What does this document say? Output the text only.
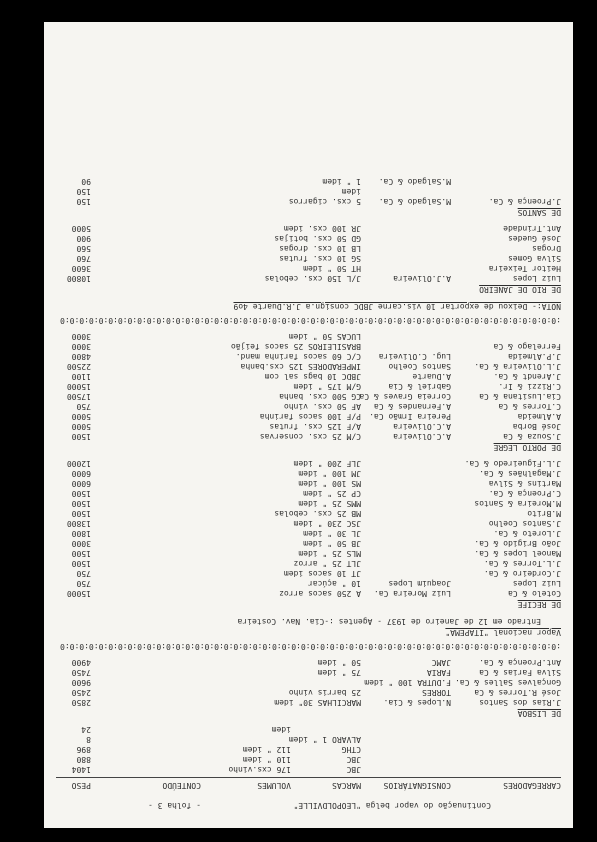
Continuação do vapor belga "LEOPOLDVILLE"
- folha 3 -
CARREGADORES
CONSIGNATÁRIOS
MARCAS
VOLUMES
CONTEÚDO
PESO
JBC
176 cxs.vinho
1404
JBC
110 " idem
880
CTHG
112 " idem
896
ALVARO 1 " idem
8
idem
24
DE LISBOA
J.Rias dos Santos
N.Lopes & Cia.
MARCILHAS 30" idem
2850
José R.Torres & Ca
TORRES
25 barris vinho
2450
Gonçalves Salles & Ca.
F.DUTRA 100 " idem
9600
Silva Farias & Ca
FARIA
75 " idem
7450
Ant.Proença & Ca.
JAMC
50 " idem
4900
:0:0:0:0:0:0:0:0:0:0:0:0:0:0:0:0:0:0:0:0:0:0:0:0:0:0:0:0:0:0:0:0:0:0:0:0:0:0:0:0:0:0:0:0:0:0:0:0:0:0:0:0
Vapor nacional "ITAPEMA"
Entrado em 12 de Janeiro de 1937 - Agentes :-Cia. Nav. Costeira
DE RECIFE
Cotelo & Ca
Luiz Moreira Ca.
A 250 sacos arroz
15000
Luiz Lopes
Joaquim Lopes
10 " açúcar
750
J.Cordeiro & Ca.
JT 10 sacos idem
750
J.L.Torres & Ca.
JLT 25 " arroz
1500
Manoel Lopes & Ca.
MLS 25 " idem
1500
João Brigido & Ca.
JB 50 " idem
3000
J.Loreto & Ca.
JL 30 " idem
1800
J.Santos Coelho
JSC 230 " idem
13800
M.Brito
MB 25 cxs. cebolas
1500
M.Moreira & Santos
MMS 25 " idem
1500
C.Proença & Ca.
CP 25 " idem
1500
Martins & Silva
MS 100 " idem
6000
J.Magalhães & Ca.
JM 100 " idem
6000
J.L.Figueiredo & Ca.
JLF 200 " idem
12000
DE PORTO LEGRE
J.Souza & Ca
A.C.Oliveira
C/M 25 cxs. conservas
1500
José Borba
A.C.Oliveira
A/F 125 cxs. frutas
5000
A.Almeida
Pereira Irmão Ca.
P/F 100 sacos farinha
5000
C.Torres & Ca
A.Fernandes & Ca
AF 50 cxs. vinho
750
Cia.Lusitana & Ca
Correia Graves & Ca
CG 500 cxs. banha
17500
C.Rizzi & Ir.
Gabriel & Cia
G/M 175 " idem
15000
J.Arendt & Ca.
A.Duarte
JBDC 10 bags sal com
1100
J.L.Oliveira & Ca.
Santos Coelho
IMPERADORES 125 cxs.banha
22500
J.P.Almeida
Lug. C.Oliveira
C/C 60 sacos farinha mand.
4800
Ferrelago & Ca
BRASILEIROS 25 sacos feijão
3000
LUCAS 50 " idem
3000
:0:0:0:0:0:0:0:0:0:0:0:0:0:0:0:0:0:0:0:0:0:0:0:0:0:0:0:0:0:0:0:0:0:0:0:0:0:0:0:0:0:0:0:0:0:0:0:0:0:0:0:0
NOTA:- Deixou de exportar 10 vis.carne JBDC consign.a J.R.Duarte 4o9
DE RIO DE JANEIRO
Luiz Lopes
A.J.Oliveira
J/L 150 cxs. cebolas
10800
Heitor Teixeira
HT 50 " idem
3600
Silva Gomes
SG 10 cxs. frutas
760
Drogas
LB 10 cxs. drogas
560
José Guedes
GD 50 cxs. botijas
900
Ant.Trindade
JR 100 cxs. idem
5000
DE SANTOS
J.Proença & Ca.
M.Salgado & Ca.
5 cxs. cigarros
150
idem
150
M.Salgado & Ca.
1 " idem
90
